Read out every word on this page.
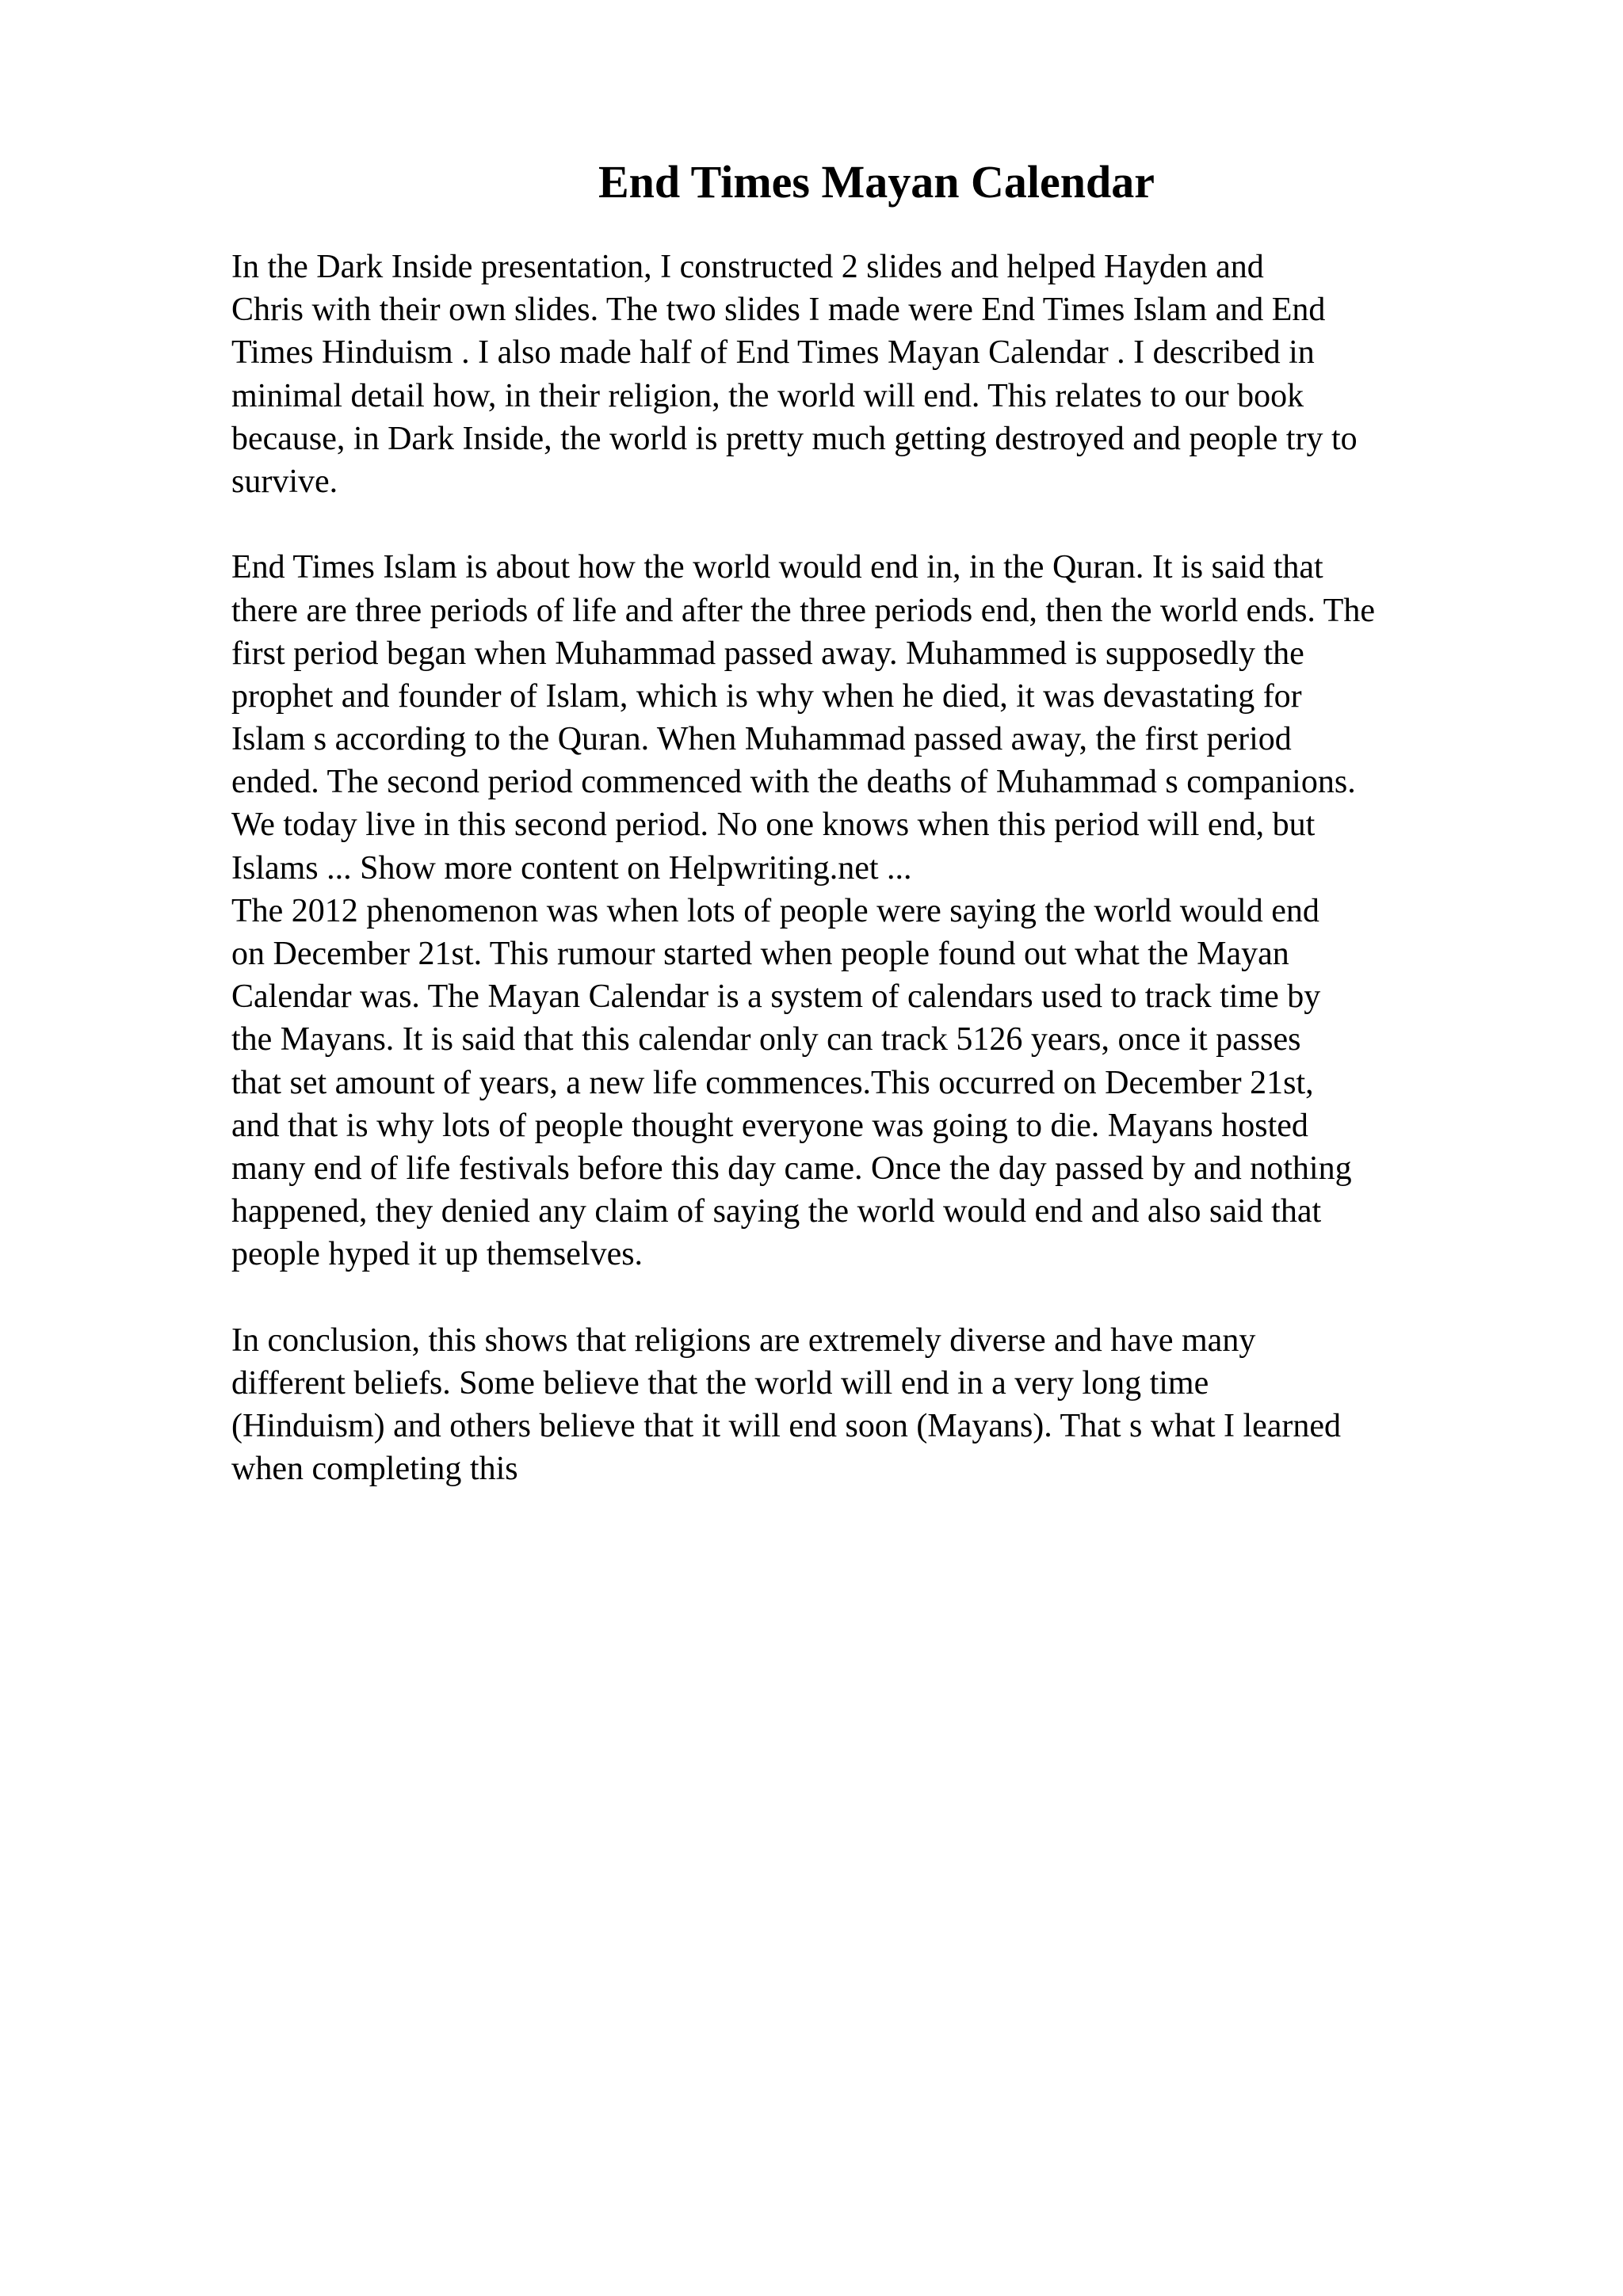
End Times Mayan Calendar
In the Dark Inside presentation, I constructed 2 slides and helped Hayden and
Chris with their own slides. The two slides I made were End Times Islam and End
Times Hinduism . I also made half of End Times Mayan Calendar . I described in
minimal detail how, in their religion, the world will end. This relates to our book
because, in Dark Inside, the world is pretty much getting destroyed and people try to
survive.
End Times Islam is about how the world would end in, in the Quran. It is said that
there are three periods of life and after the three periods end, then the world ends. The
first period began when Muhammad passed away. Muhammed is supposedly the
prophet and founder of Islam, which is why when he died, it was devastating for
Islam s according to the Quran. When Muhammad passed away, the first period
ended. The second period commenced with the deaths of Muhammad s companions.
We today live in this second period. No one knows when this period will end, but
Islams ... Show more content on Helpwriting.net ...
The 2012 phenomenon was when lots of people were saying the world would end
on December 21st. This rumour started when people found out what the Mayan
Calendar was. The Mayan Calendar is a system of calendars used to track time by
the Mayans. It is said that this calendar only can track 5126 years, once it passes
that set amount of years, a new life commences.This occurred on December 21st,
and that is why lots of people thought everyone was going to die. Mayans hosted
many end of life festivals before this day came. Once the day passed by and nothing
happened, they denied any claim of saying the world would end and also said that
people hyped it up themselves.
In conclusion, this shows that religions are extremely diverse and have many
different beliefs. Some believe that the world will end in a very long time
(Hinduism) and others believe that it will end soon (Mayans). That s what I learned
when completing this
